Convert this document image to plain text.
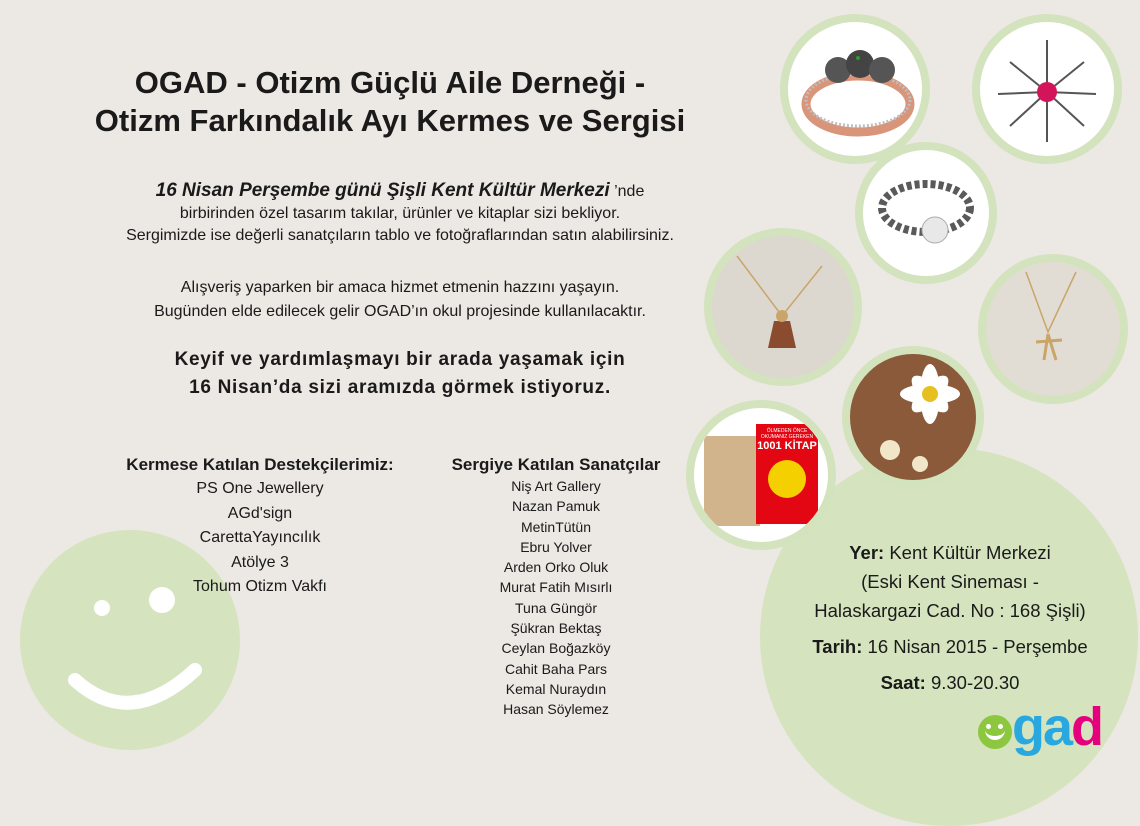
ÖLMEDEN ÖNCE OKUMANIZ GEREKEN
1001 KİTAP
OGAD - Otizm Güçlü Aile Derneği -
Otizm Farkındalık Ayı Kermes ve Sergisi
16 Nisan Perşembe günü Şişli Kent Kültür Merkezi ’nde
birbirinden özel tasarım takılar, ürünler ve kitaplar sizi bekliyor.
Sergimizde ise değerli sanatçıların tablo ve fotoğraflarından satın alabilirsiniz.
Alışveriş yaparken bir amaca hizmet etmenin hazzını yaşayın.
Bugünden elde edilecek gelir OGAD’ın okul projesinde kullanılacaktır.
Keyif ve yardımlaşmayı bir arada yaşamak için
16 Nisan’da sizi aramızda görmek istiyoruz.
Kermese Katılan Destekçilerimiz:
PS One Jewellery
AGd'sign
CarettaYayıncılık
Atölye 3
Tohum Otizm Vakfı
Sergiye Katılan Sanatçılar
Niş Art Gallery
Nazan Pamuk
MetinTütün
Ebru Yolver
Arden Orko Oluk
Murat Fatih Mısırlı
Tuna Güngör
Şükran Bektaş
Ceylan Boğazköy
Cahit Baha Pars
Kemal Nuraydın
Hasan Söylemez
Yer: Kent Kültür Merkezi
(Eski Kent Sineması -
Halaskargazi Cad. No : 168 Şişli)
Tarih: 16 Nisan 2015 - Perşembe
Saat: 9.30-20.30
gad
